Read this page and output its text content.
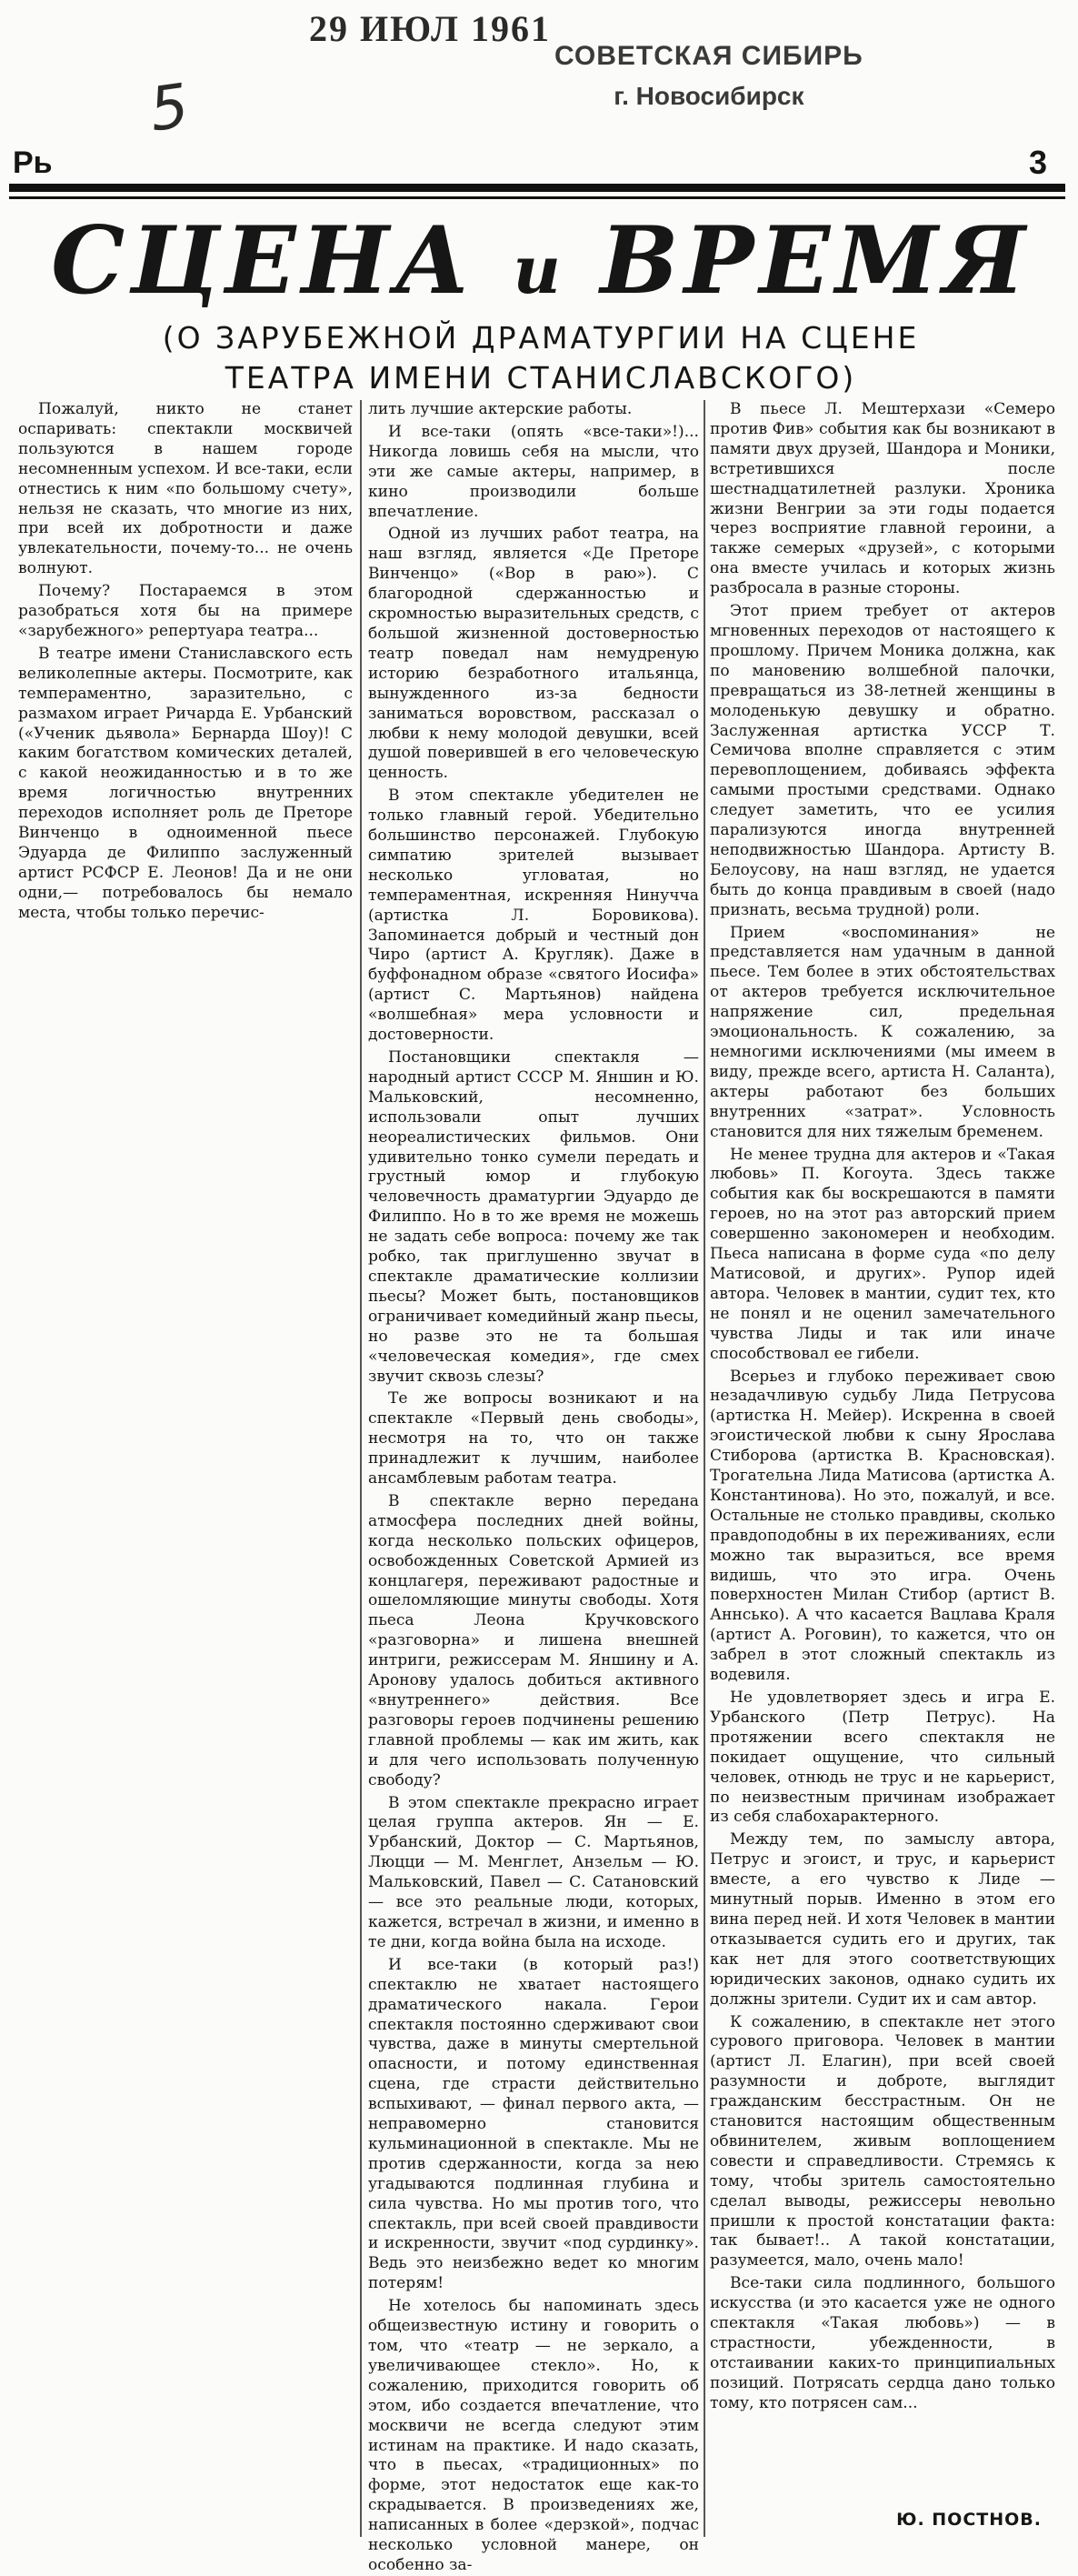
29 ИЮЛ 1961
СОВЕТСКАЯ СИБИРЬ
г. Новосибирск
5
Рь	3
СЦЕНА и ВРЕМЯ
(О ЗАРУБЕЖНОЙ ДРАМАТУРГИИ НА СЦЕНЕ
ТЕАТРА ИМЕНИ СТАНИСЛАВСКОГО)

Пожалуй, никто не станет оспаривать: спектакли москвичей пользуются в нашем городе несомненным успехом. И все-таки, если отнестись к ним «по большому счету», нельзя не сказать, что многие из них, при всей их добротности и даже увлекательности, почему-то... не очень волнуют.

Почему? Постараемся в этом разобраться хотя бы на примере «зарубежного» репертуара театра...

В театре имени Станиславского есть великолепные актеры. Посмотрите, как темпераментно, заразительно, с размахом играет Ричарда Е. Урбанский («Ученик дьявола» Бернарда Шоу)! С каким богатством комических деталей, с какой неожиданностью и в то же время логичностью внутренних переходов исполняет роль де Преторе Винченцо в одноименной пьесе Эдуарда де Филиппо заслуженный артист РСФСР Е. Леонов! Да и не они одни,— потребовалось бы немало места, чтобы только перечис-

лить лучшие актерские работы.

И все-таки (опять «все-таки»!)... Никогда ловишь себя на мысли, что эти же самые актеры, например, в кино производили больше впечатление.

Одной из лучших работ театра, на наш взгляд, является «Де Преторе Винченцо» («Вор в раю»). С благородной сдержанностью и скромностью выразительных средств, с большой жизненной достоверностью театр поведал нам немудреную историю безработного итальянца, вынужденного из-за бедности заниматься воровством, рассказал о любви к нему молодой девушки, всей душой поверившей в его человеческую ценность.

В этом спектакле убедителен не только главный герой. Убедительно большинство персонажей. Глубокую симпатию зрителей вызывает несколько угловатая, но темпераментная, искренняя Нинучча (артистка Л. Боровикова). Запоминается добрый и честный дон Чиро (артист А. Кругляк). Даже в буффонадном образе «святого Иосифа» (артист С. Мартьянов) найдена «волшебная» мера условности и достоверности.

Постановщики спектакля — народный артист СССР М. Яншин и Ю. Мальковский, несомненно, использовали опыт лучших неореалистических фильмов. Они удивительно тонко сумели передать и грустный юмор и глубокую человечность драматургии Эдуардо де Филиппо. Но в то же время не можешь не задать себе вопроса: почему же так робко, так приглушенно звучат в спектакле драматические коллизии пьесы? Может быть, постановщиков ограничивает комедийный жанр пьесы, но разве это не та большая «человеческая комедия», где смех звучит сквозь слезы?

Те же вопросы возникают и на спектакле «Первый день свободы», несмотря на то, что он также принадлежит к лучшим, наиболее ансамблевым работам театра.

В спектакле верно передана атмосфера последних дней войны, когда несколько польских офицеров, освобожденных Советской Армией из концлагеря, переживают радостные и ошеломляющие минуты свободы. Хотя пьеса Леона Кручковского «разговорна» и лишена внешней интриги, режиссерам М. Яншину и А. Аронову удалось добиться активного «внутреннего» действия. Все разговоры героев подчинены решению главной проблемы — как им жить, как и для чего использовать полученную свободу?

В этом спектакле прекрасно играет целая группа актеров. Ян — Е. Урбанский, Доктор — С. Мартьянов, Люцци — М. Менглет, Анзельм — Ю. Мальковский, Павел — С. Сатановский — все это реальные люди, которых, кажется, встречал в жизни, и именно в те дни, когда война была на исходе.

И все-таки (в который раз!) спектаклю не хватает настоящего драматического накала. Герои спектакля постоянно сдерживают свои чувства, даже в минуты смертельной опасности, и потому единственная сцена, где страсти действительно вспыхивают, — финал первого акта, — неправомерно становится кульминационной в спектакле. Мы не против сдержанности, когда за нею угадываются подлинная глубина и сила чувства. Но мы против того, что спектакль, при всей своей правдивости и искренности, звучит «под сурдинку». Ведь это неизбежно ведет ко многим потерям!

Не хотелось бы напоминать здесь общеизвестную истину и говорить о том, что «театр — не зеркало, а увеличивающее стекло». Но, к сожалению, приходится говорить об этом, ибо создается впечатление, что москвичи не всегда следуют этим истинам на практике. И надо сказать, что в пьесах, «традиционных» по форме, этот недостаток еще как-то скрадывается. В произведениях же, написанных в более «дерзкой», подчас несколько условной манере, он особенно за-

В пьесе Л. Мештерхази «Семеро против Фив» события как бы возникают в памяти двух друзей, Шандора и Моники, встретившихся после шестнадцатилетней разлуки. Хроника жизни Венгрии за эти годы подается через восприятие главной героини, а также семерых «друзей», с которыми она вместе училась и которых жизнь разбросала в разные стороны.

Этот прием требует от актеров мгновенных переходов от настоящего к прошлому. Причем Моника должна, как по мановению волшебной палочки, превращаться из 38-летней женщины в молоденькую девушку и обратно. Заслуженная артистка УССР Т. Семичова вполне справляется с этим перевоплощением, добиваясь эффекта самыми простыми средствами. Однако следует заметить, что ее усилия парализуются иногда внутренней неподвижностью Шандора. Артисту В. Белоусову, на наш взгляд, не удается быть до конца правдивым в своей (надо признать, весьма трудной) роли.

Прием «воспоминания» не представляется нам удачным в данной пьесе. Тем более в этих обстоятельствах от актеров требуется исключительное напряжение сил, предельная эмоциональность. К сожалению, за немногими исключениями (мы имеем в виду, прежде всего, артиста Н. Саланта), актеры работают без больших внутренних «затрат». Условность становится для них тяжелым бременем.

Не менее трудна для актеров и «Такая любовь» П. Когоута. Здесь также события как бы воскрешаются в памяти героев, но на этот раз авторский прием совершенно закономерен и необходим. Пьеса написана в форме суда «по делу Матисовой, и других». Рупор идей автора. Человек в мантии, судит тех, кто не понял и не оценил замечательного чувства Лиды и так или иначе способствовал ее гибели.

Всерьез и глубоко переживает свою незадачливую судьбу Лида Петрусова (артистка Н. Мейер). Искренна в своей эгоистической любви к сыну Ярослава Стиборова (артистка В. Красновская). Трогательна Лида Матисова (артистка А. Константинова). Но это, пожалуй, и все. Остальные не столько правдивы, сколько правдоподобны в их переживаниях, если можно так выразиться, все время видишь, что это игра. Очень поверхностен Милан Стибор (артист В. Аннсько). А что касается Вацлава Краля (артист А. Роговин), то кажется, что он забрел в этот сложный спектакль из водевиля.

Не удовлетворяет здесь и игра Е. Урбанского (Петр Петрус). На протяжении всего спектакля не покидает ощущение, что сильный человек, отнюдь не трус и не карьерист, по неизвестным причинам изображает из себя слабохарактерного.

Между тем, по замыслу автора, Петрус и эгоист, и трус, и карьерист вместе, а его чувство к Лиде — минутный порыв. Именно в этом его вина перед ней. И хотя Человек в мантии отказывается судить его и других, так как нет для этого соответствующих юридических законов, однако судить их должны зрители. Судит их и сам автор.

К сожалению, в спектакле нет этого сурового приговора. Человек в мантии (артист Л. Елагин), при всей своей разумности и доброте, выглядит гражданским бесстрастным. Он не становится настоящим общественным обвинителем, живым воплощением совести и справедливости. Стремясь к тому, чтобы зритель самостоятельно сделал выводы, режиссеры невольно пришли к простой констатации факта: так бывает!.. А такой констатации, разумеется, мало, очень мало!

Все-таки сила подлинного, большого искусства (и это касается уже не одного спектакля «Такая любовь») — в страстности, убежденности, в отстаивании каких-то принципиальных позиций. Потрясать сердца дано только тому, кто потрясен сам...

Ю. ПОСТНОВ.
